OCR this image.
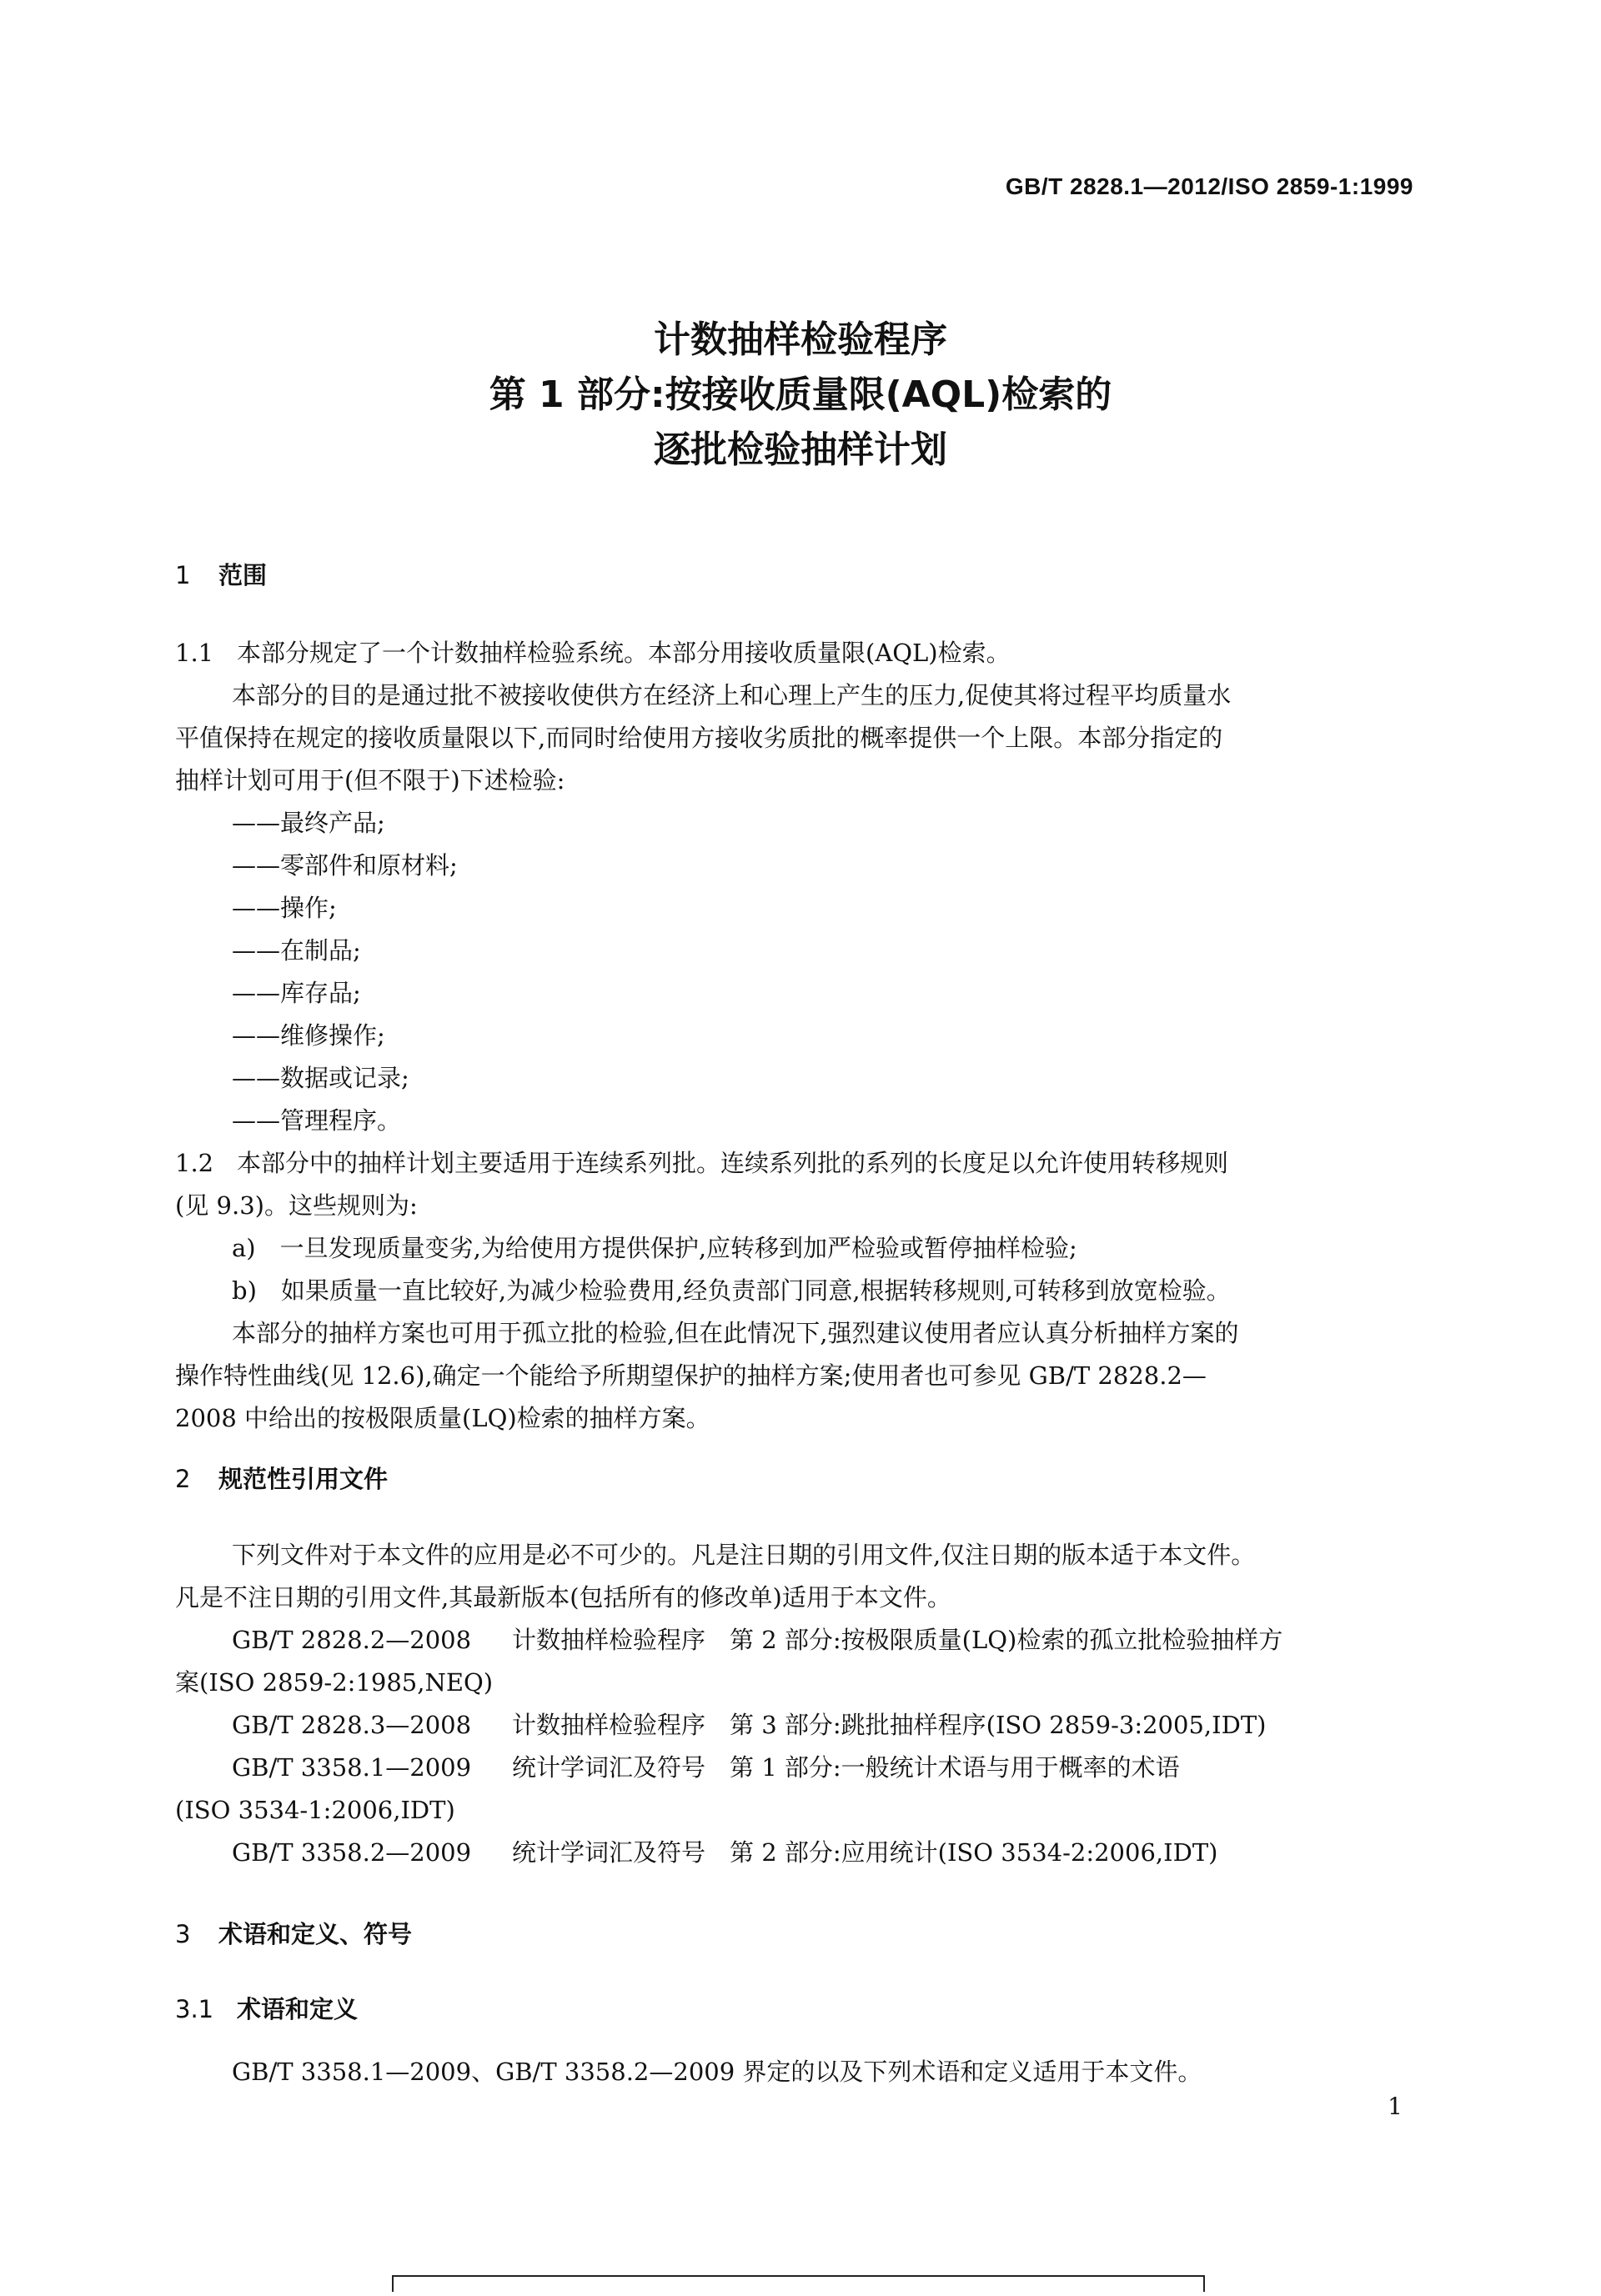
GB/T 2828.1—2012/ISO 2859-1:1999
计数抽样检验程序
第 1 部分:按接收质量限(AQL)检索的
逐批检验抽样计划
1 范围

1.1 本部分规定了一个计数抽样检验系统。本部分用接收质量限(AQL)检索。

本部分的目的是通过批不被接收使供方在经济上和心理上产生的压力,促使其将过程平均质量水

平值保持在规定的接收质量限以下,而同时给使用方接收劣质批的概率提供一个上限。本部分指定的

抽样计划可用于(但不限于)下述检验:

——最终产品;

——零部件和原材料;

——操作;

——在制品;

——库存品;

——维修操作;

——数据或记录;

——管理程序。

1.2 本部分中的抽样计划主要适用于连续系列批。连续系列批的系列的长度足以允许使用转移规则

(见 9.3)。这些规则为:

a)　一旦发现质量变劣,为给使用方提供保护,应转移到加严检验或暂停抽样检验;

b)　如果质量一直比较好,为减少检验费用,经负责部门同意,根据转移规则,可转移到放宽检验。

本部分的抽样方案也可用于孤立批的检验,但在此情况下,强烈建议使用者应认真分析抽样方案的

操作特性曲线(见 12.6),确定一个能给予所期望保护的抽样方案;使用者也可参见 GB/T 2828.2—

2008 中给出的按极限质量(LQ)检索的抽样方案。

2 规范性引用文件

下列文件对于本文件的应用是必不可少的。凡是注日期的引用文件,仅注日期的版本适于本文件。

凡是不注日期的引用文件,其最新版本(包括所有的修改单)适用于本文件。

GB/T 2828.2—2008 计数抽样检验程序　第 2 部分:按极限质量(LQ)检索的孤立批检验抽样方

案(ISO 2859-2:1985,NEQ)

GB/T 2828.3—2008 计数抽样检验程序　第 3 部分:跳批抽样程序(ISO 2859-3:2005,IDT)

GB/T 3358.1—2009 统计学词汇及符号　第 1 部分:一般统计术语与用于概率的术语

(ISO 3534-1:2006,IDT)

GB/T 3358.2—2009 统计学词汇及符号　第 2 部分:应用统计(ISO 3534-2:2006,IDT)

3 术语和定义、符号
3.1 术语和定义

GB/T 3358.1—2009、GB/T 3358.2—2009 界定的以及下列术语和定义适用于本文件。

1
